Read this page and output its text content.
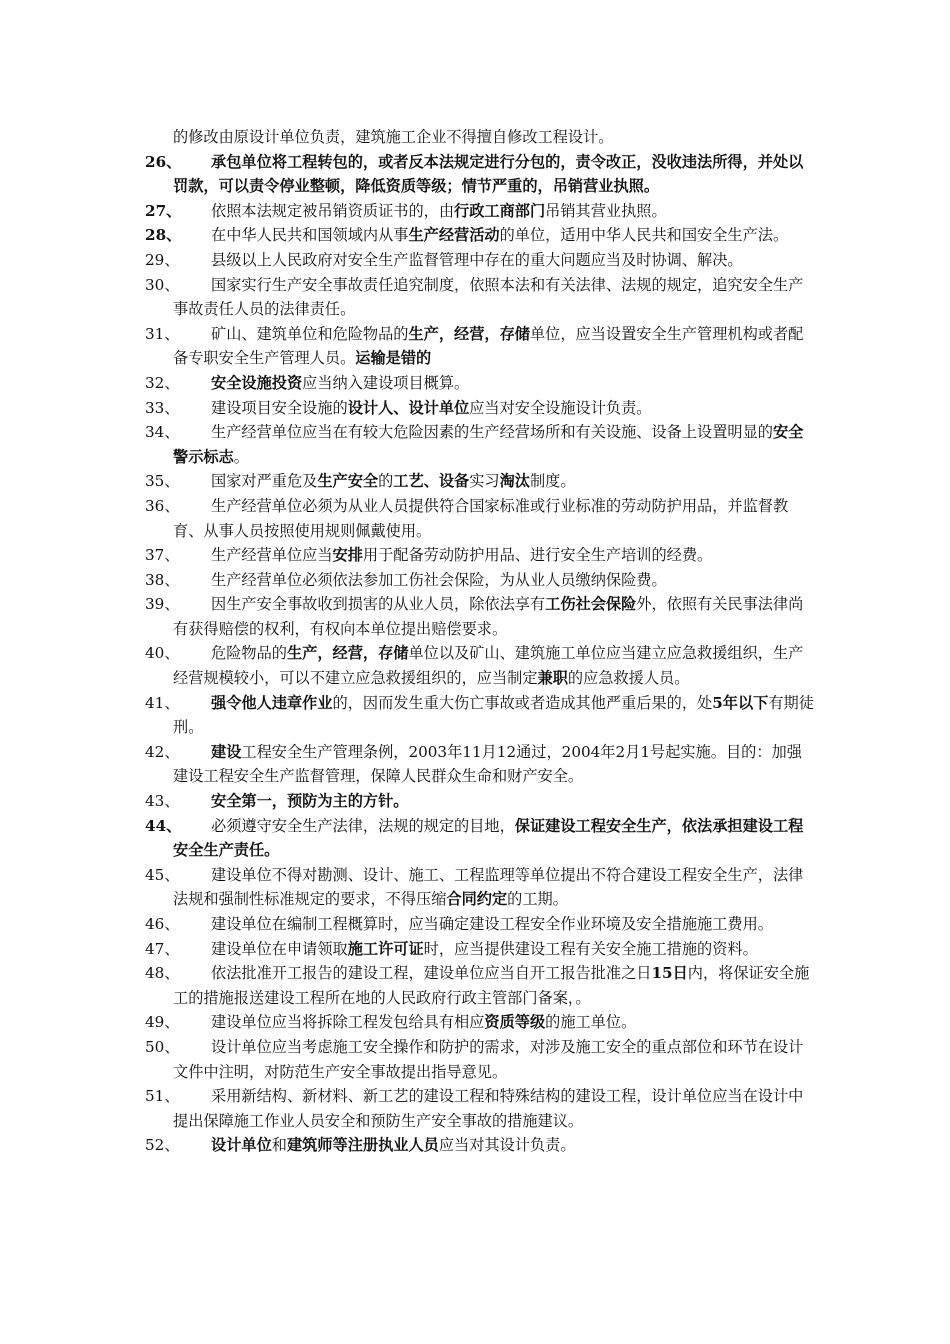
的修改由原设计单位负责，建筑施工企业不得擅自修改工程设计。
26、 承包单位将工程转包的，或者反本法规定进行分包的，责令改正，没收违法所得，并处以罚款，可以责令停业整顿，降低资质等级；情节严重的，吊销营业执照。
27、 依照本法规定被吊销资质证书的，由行政工商部门吊销其营业执照。
28、 在中华人民共和国领域内从事生产经营活动的单位，适用中华人民共和国安全生产法。
29、 县级以上人民政府对安全生产监督管理中存在的重大问题应当及时协调、解决。
30、 国家实行生产安全事故责任追究制度，依照本法和有关法律、法规的规定，追究安全生产事故责任人员的法律责任。
31、 矿山、建筑单位和危险物品的生产，经营，存储单位，应当设置安全生产管理机构或者配备专职安全生产管理人员。运输是错的
32、 安全设施投资应当纳入建设项目概算。
33、 建设项目安全设施的设计人、设计单位应当对安全设施设计负责。
34、 生产经营单位应当在有较大危险因素的生产经营场所和有关设施、设备上设置明显的安全警示标志。
35、 国家对严重危及生产安全的工艺、设备实习淘汰制度。
36、 生产经营单位必须为从业人员提供符合国家标准或行业标准的劳动防护用品，并监督教育、从事人员按照使用规则佩戴使用。
37、 生产经营单位应当安排用于配备劳动防护用品、进行安全生产培训的经费。
38、 生产经营单位必须依法参加工伤社会保险，为从业人员缴纳保险费。
39、 因生产安全事故收到损害的从业人员，除依法享有工伤社会保险外，依照有关民事法律尚有获得赔偿的权利，有权向本单位提出赔偿要求。
40、 危险物品的生产，经营，存储单位以及矿山、建筑施工单位应当建立应急救援组织，生产经营规模较小，可以不建立应急救援组织的，应当制定兼职的应急救援人员。
41、 强令他人违章作业的，因而发生重大伤亡事故或者造成其他严重后果的，处5年以下有期徒刑。
42、 建设工程安全生产管理条例，2003年11月12通过，2004年2月1号起实施。目的：加强建设工程安全生产监督管理，保障人民群众生命和财产安全。
43、 安全第一，预防为主的方针。
44、 必须遵守安全生产法律，法规的规定的目地，保证建设工程安全生产，依法承担建设工程安全生产责任。
45、 建设单位不得对勘测、设计、施工、工程监理等单位提出不符合建设工程安全生产，法律法规和强制性标准规定的要求，不得压缩合同约定的工期。
46、 建设单位在编制工程概算时，应当确定建设工程安全作业环境及安全措施施工费用。
47、 建设单位在申请领取施工许可证时，应当提供建设工程有关安全施工措施的资料。
48、 依法批准开工报告的建设工程，建设单位应当自开工报告批准之日15日内，将保证安全施工的措施报送建设工程所在地的人民政府行政主管部门备案，。
49、 建设单位应当将拆除工程发包给具有相应资质等级的施工单位。
50、 设计单位应当考虑施工安全操作和防护的需求，对涉及施工安全的重点部位和环节在设计文件中注明，对防范生产安全事故提出指导意见。
51、 采用新结构、新材料、新工艺的建设工程和特殊结构的建设工程，设计单位应当在设计中提出保障施工作业人员安全和预防生产安全事故的措施建议。
52、 设计单位和建筑师等注册执业人员应当对其设计负责。
